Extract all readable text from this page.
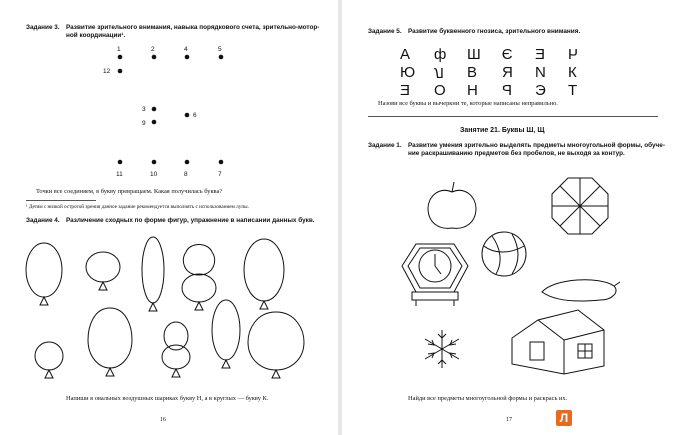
Задание 3. Развитие зрительного внимания, навыка порядкового счета, зрительно-мотор-
ной координации¹.
1	2	4	5
12
3
6
9
11	10	8	7
Точки все соединяем, в букву превращаем. Какая получилась буква?
¹ Детям с низкой остротой зрения данное задание рекомендуется выполнять с использованием лупы.
Задание 4. Различение сходных по форме фигур, упражнение в написании данных букв.
Напиши в овальных воздушных шариках букву Н, а в круглых — букву К.
16
Задание 5. Развитие буквенного гнозиса, зрительного внимания.
А ф Ш Э Е Ч
Ю Л В Я N К
Е О Н Р Э Т
Назови все буквы и вычеркни те, которые написаны неправильно.
Занятие 21. Буквы Ш, Щ
Задание 1. Развитие умения зрительно выделять предметы многоугольной формы, обуче-
ние раскрашиванию предметов без пробелов, не выходя за контур.
Найди все предметы многоугольной формы и раскрась их.
17	Л
